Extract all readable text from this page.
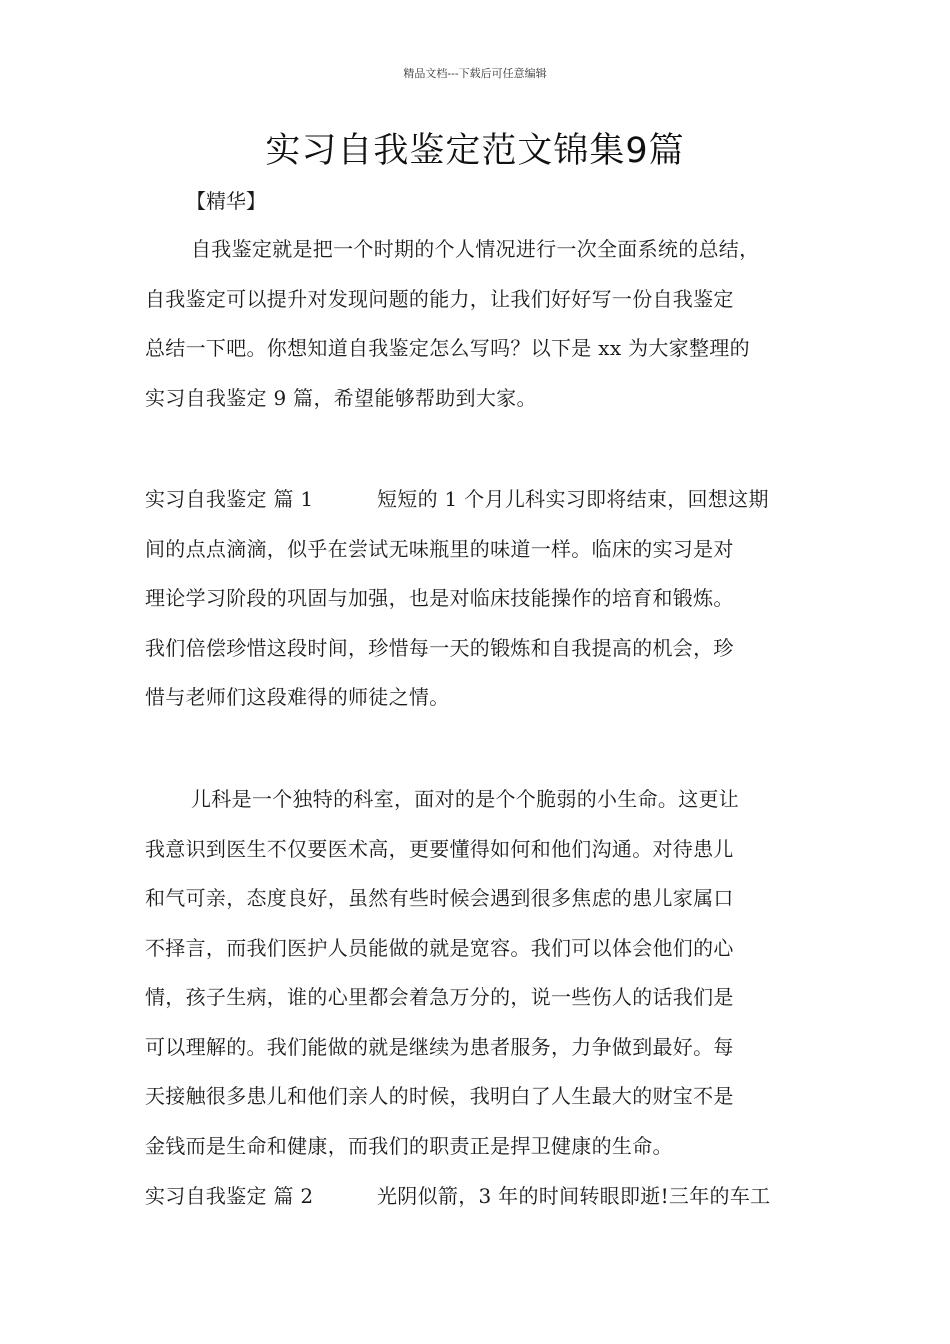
精品文档---下载后可任意编辑
实习自我鉴定范文锦集9篇
【精华】
自我鉴定就是把一个时期的个人情况进行一次全面系统的总结，
自我鉴定可以提升对发现问题的能力，让我们好好写一份自我鉴定
总结一下吧。你想知道自我鉴定怎么写吗？以下是 xx 为大家整理的
实习自我鉴定 9 篇，希望能够帮助到大家。
实习自我鉴定 篇 1	短短的 1 个月儿科实习即将结束，回想这期
间的点点滴滴，似乎在尝试无味瓶里的味道一样。临床的实习是对
理论学习阶段的巩固与加强，也是对临床技能操作的培育和锻炼。
我们倍偿珍惜这段时间，珍惜每一天的锻炼和自我提高的机会，珍
惜与老师们这段难得的师徒之情。
儿科是一个独特的科室，面对的是个个脆弱的小生命。这更让
我意识到医生不仅要医术高，更要懂得如何和他们沟通。对待患儿
和气可亲，态度良好，虽然有些时候会遇到很多焦虑的患儿家属口
不择言，而我们医护人员能做的就是宽容。我们可以体会他们的心
情，孩子生病，谁的心里都会着急万分的，说一些伤人的话我们是
可以理解的。我们能做的就是继续为患者服务，力争做到最好。每
天接触很多患儿和他们亲人的时候，我明白了人生最大的财宝不是
金钱而是生命和健康，而我们的职责正是捍卫健康的生命。
实习自我鉴定 篇 2	光阴似箭，3 年的时间转眼即逝!三年的车工
